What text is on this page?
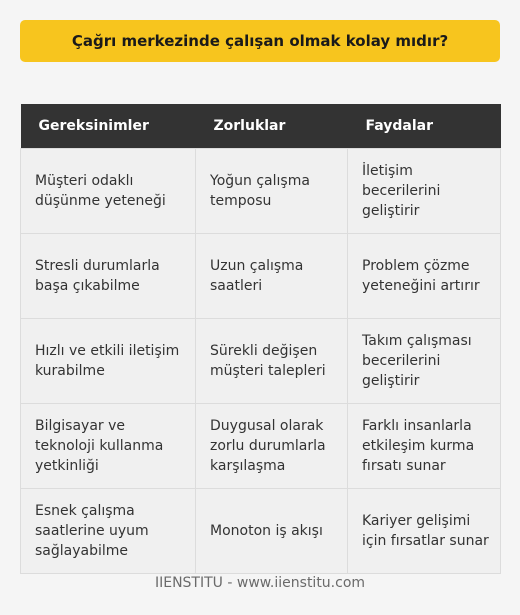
Çağrı merkezinde çalışan olmak kolay mıdır?
Gereksinimler	Zorluklar	Faydalar
Müşteri odaklı düşünme yeteneği	Yoğun çalışma temposu	İletişim becerilerini geliştirir
Stresli durumlarla başa çıkabilme	Uzun çalışma saatleri	Problem çözme yeteneğini artırır
Hızlı ve etkili iletişim kurabilme	Sürekli değişen müşteri talepleri	Takım çalışması becerilerini geliştirir
Bilgisayar ve teknoloji kullanma yetkinliği	Duygusal olarak zorlu durumlarla karşılaşma	Farklı insanlarla etkileşim kurma fırsatı sunar
Esnek çalışma saatlerine uyum sağlayabilme	Monoton iş akışı	Kariyer gelişimi için fırsatlar sunar
IIENSTITU - www.iienstitu.com
